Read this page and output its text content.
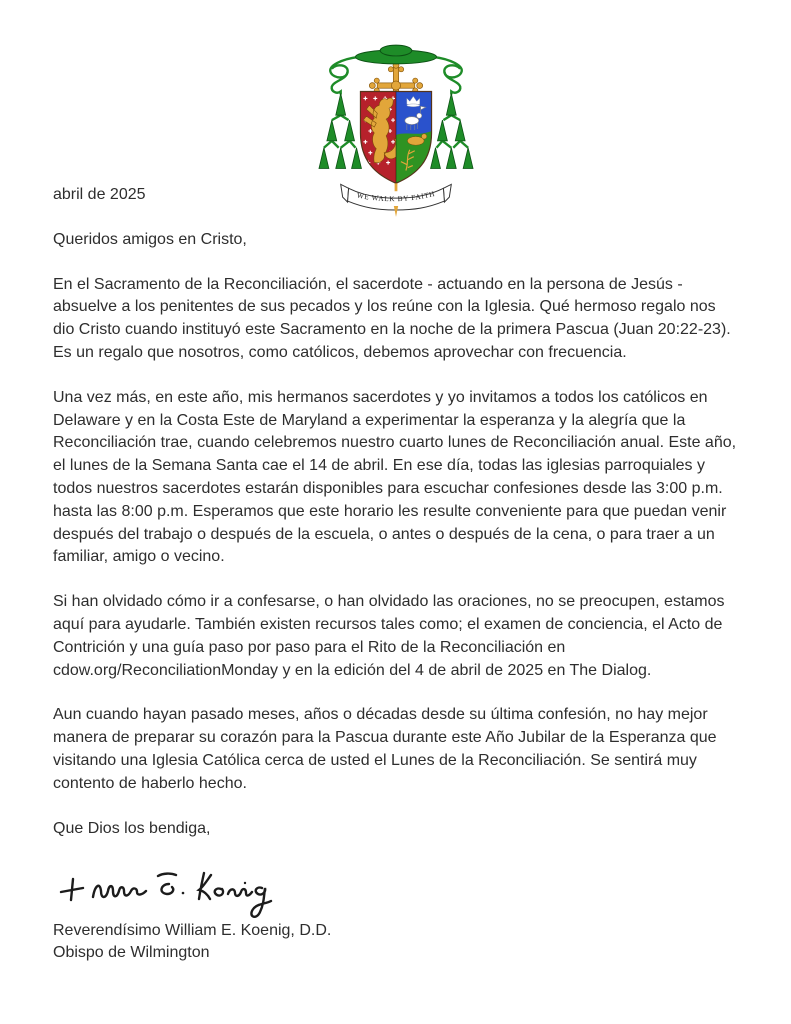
WE WALK BY FAITH

abril de 2025

Queridos amigos en Cristo,

En el Sacramento de la Reconciliación, el sacerdote - actuando en la persona de Jesús - absuelve a los penitentes de sus pecados y los reúne con la Iglesia. Qué hermoso regalo nos dio Cristo cuando instituyó este Sacramento en la noche de la primera Pascua (Juan 20:22-23). Es un regalo que nosotros, como católicos, debemos aprovechar con frecuencia.

Una vez más, en este año, mis hermanos sacerdotes y yo invitamos a todos los católicos en Delaware y en la Costa Este de Maryland a experimentar la esperanza y la alegría que la Reconciliación trae, cuando celebremos nuestro cuarto lunes de Reconciliación anual. Este año, el lunes de la Semana Santa cae el 14 de abril. En ese día, todas las iglesias parroquiales y todos nuestros sacerdotes estarán disponibles para escuchar confesiones desde las 3:00 p.m. hasta las 8:00 p.m. Esperamos que este horario les resulte conveniente para que puedan venir después del trabajo o después de la escuela, o antes o después de la cena, o para traer a un familiar, amigo o vecino.

Si han olvidado cómo ir a confesarse, o han olvidado las oraciones, no se preocupen, estamos aquí para ayudarle. También existen recursos tales como; el examen de conciencia, el Acto de Contrición y una guía paso por paso para el Rito de la Reconciliación en cdow.org/ReconciliationMonday y en la edición del 4 de abril de 2025 en The Dialog.

Aun cuando hayan pasado meses, años o décadas desde su última confesión, no hay mejor manera de preparar su corazón para la Pascua durante este Año Jubilar de la Esperanza que visitando una Iglesia Católica cerca de usted el Lunes de la Reconciliación. Se sentirá muy contento de haberlo hecho.

Que Dios los bendiga,

Reverendísimo William E. Koenig, D.D.
Obispo de Wilmington
